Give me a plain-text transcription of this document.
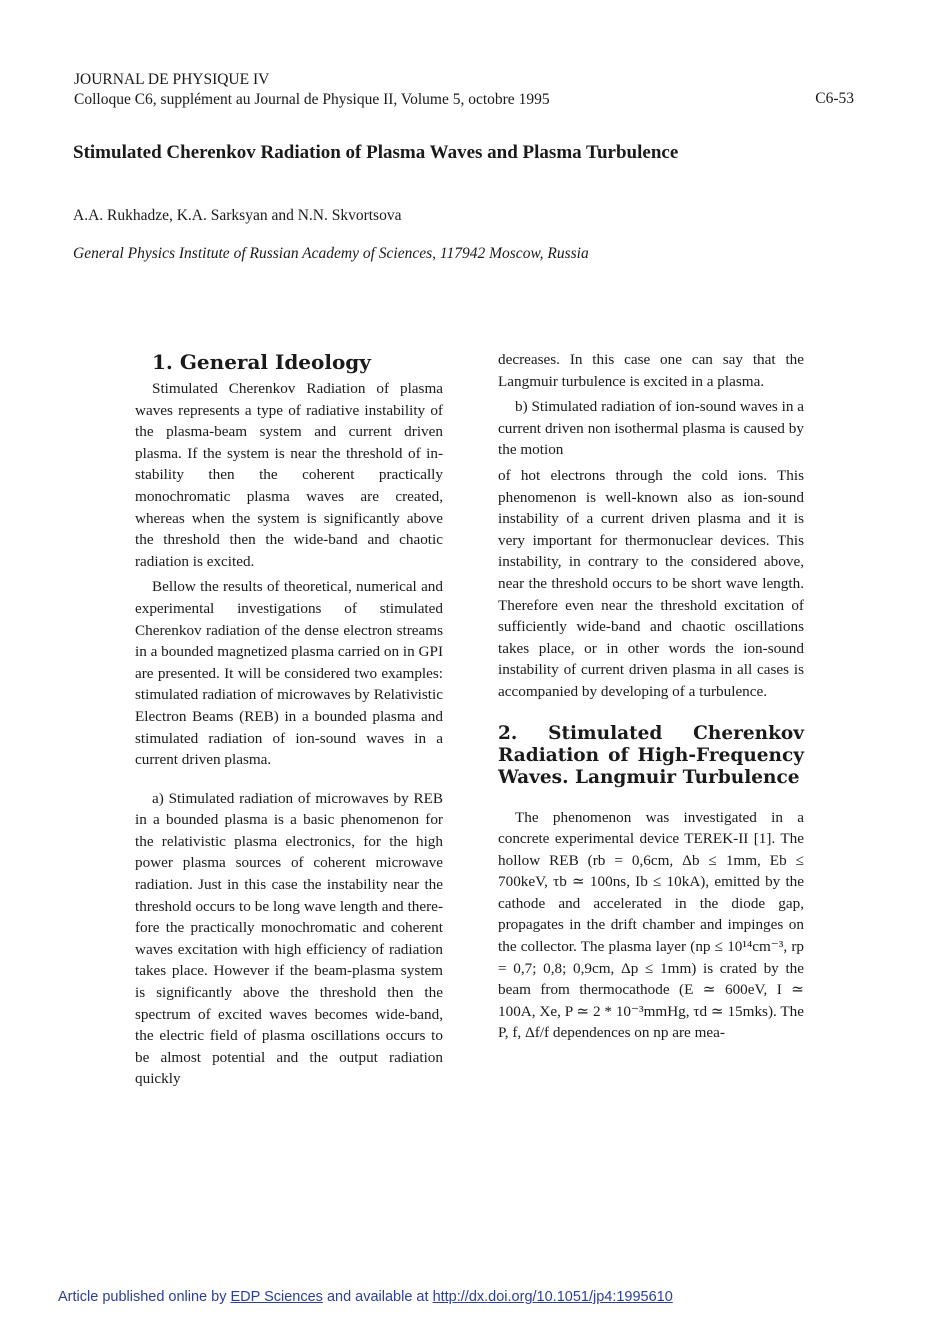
JOURNAL DE PHYSIQUE IV
Colloque C6, supplément au Journal de Physique II, Volume 5, octobre 1995	C6-53
Stimulated Cherenkov Radiation of Plasma Waves and Plasma Turbulence
A.A. Rukhadze, K.A. Sarksyan and N.N. Skvortsova
General Physics Institute of Russian Academy of Sciences, 117942 Moscow, Russia
1. General Ideology

Stimulated Cherenkov Radiation of plasma waves represents a type of radiative instability of the plasma-beam system and current driven plasma. If the system is near the threshold of instability then the coherent practically monochromatic plasma waves are created, whereas when the system is significantly above the threshold then the wide-band and chaotic radiation is excited.

Bellow the results of theoretical, numerical and experimental investigations of stimulated Cherenkov radiation of the dense electron streams in a bounded magnetized plasma carried on in GPI are presented. It will be considered two examples: stimulated radiation of microwaves by Relativistic Electron Beams (REB) in a bounded plasma and stimulated radiation of ion-sound waves in a current driven plasma.

a) Stimulated radiation of microwaves by REB in a bounded plasma is a basic phenomenon for the relativistic plasma electronics, for the high power plasma sources of coherent microwave radiation. Just in this case the instability near the threshold occurs to be long wave length and therefore the practically monochromatic and coherent waves excitation with high efficiency of radiation takes place. However if the beam-plasma system is significantly above the threshold then the spectrum of excited waves becomes wide-band, the electric field of plasma oscillations occurs to be almost potential and the output radiation quickly

decreases. In this case one can say that the Langmuir turbulence is excited in a plasma.

b) Stimulated radiation of ion-sound waves in a current driven non isothermal plasma is caused by the motion

of hot electrons through the cold ions. This phenomenon is well-known also as ion-sound instability of a current driven plasma and it is very important for thermonuclear devices. This instability, in contrary to the considered above, near the threshold occurs to be short wave length. Therefore even near the threshold excitation of sufficiently wide-band and chaotic oscillations takes place, or in other words the ion-sound instability of current driven plasma in all cases is accompanied by developing of a turbulence.

2. Stimulated Cherenkov Radiation of High-Frequency Waves. Langmuir Turbulence

The phenomenon was investigated in a concrete experimental device TEREK-II [1]. The hollow REB (rb = 0,6cm, Δb ≤ 1mm, Eb ≤ 700keV, τb ≃ 100ns, Ib ≤ 10kA), emitted by the cathode and accelerated in the diode gap, propagates in the drift chamber and impinges on the collector. The plasma layer (np ≤ 10¹⁴cm⁻³, rp = 0,7; 0,8; 0,9cm, Δp ≤ 1mm) is crated by the beam from thermocathode (E ≃ 600eV, I ≃ 100A, Xe, P ≃ 2 * 10⁻³mmHg, τd ≃ 15mks). The P, f, Δf/f dependences on np are mea-

Article published online by EDP Sciences and available at http://dx.doi.org/10.1051/jp4:1995610
